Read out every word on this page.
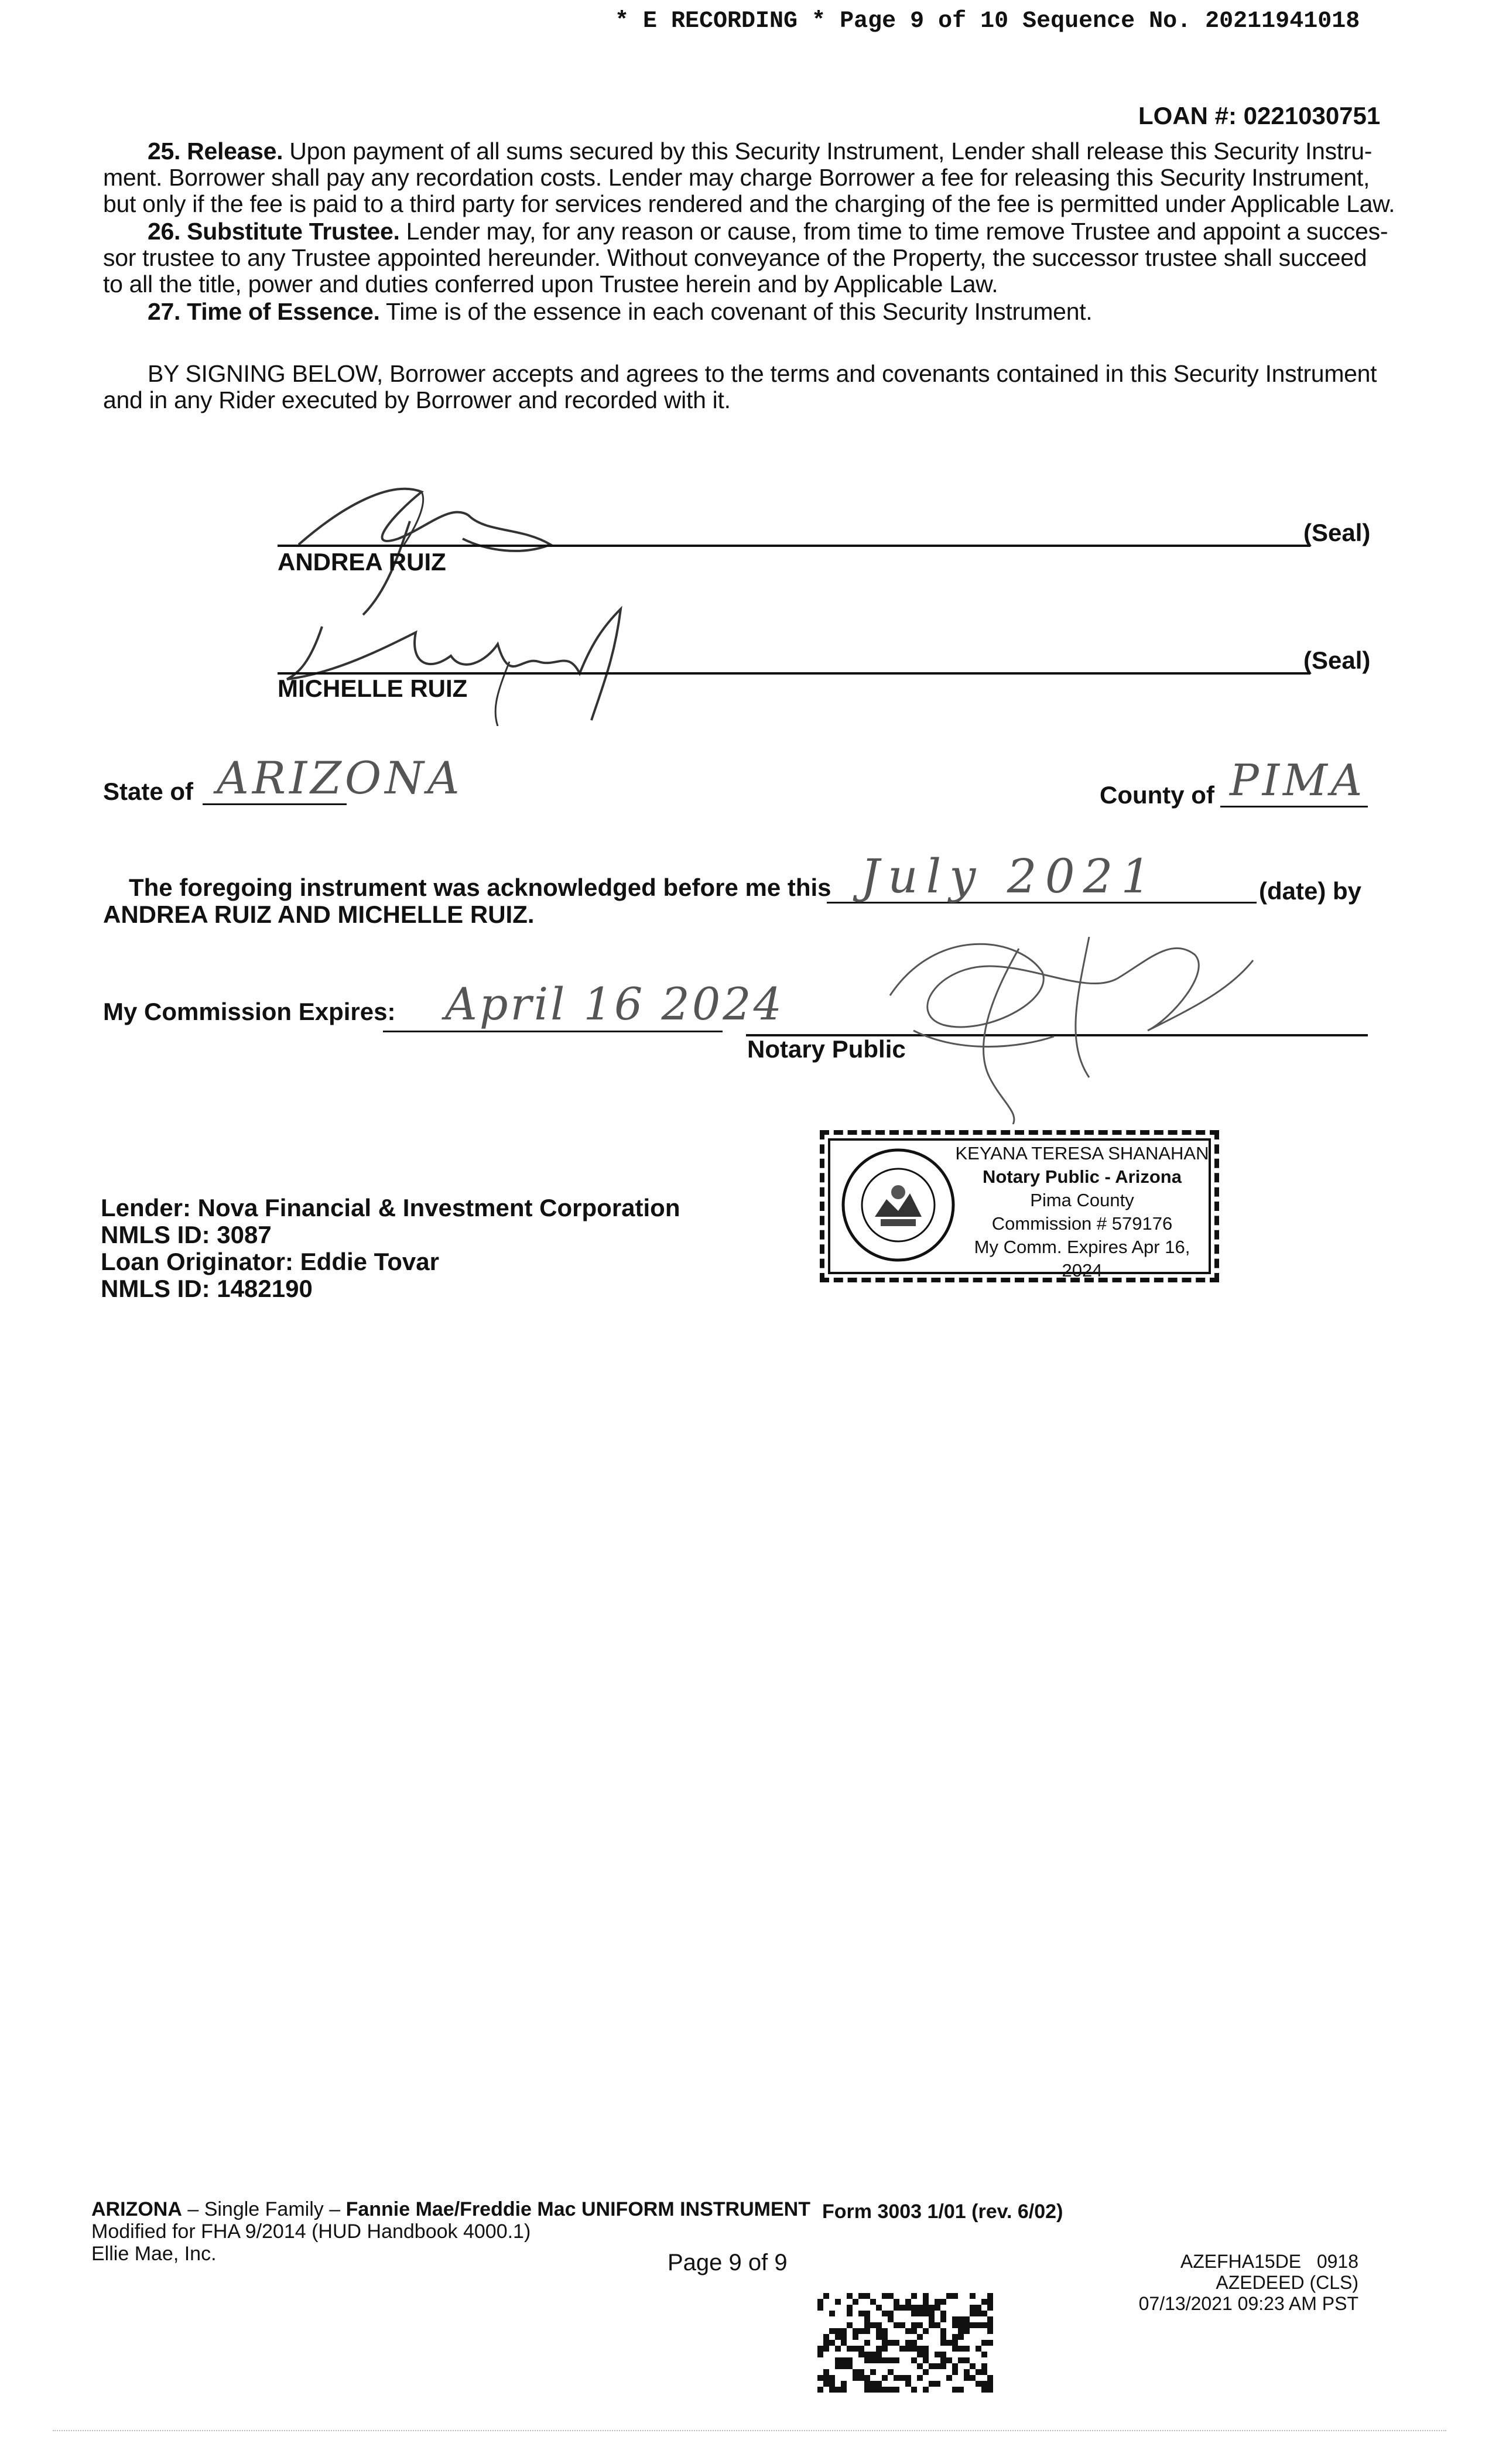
* E RECORDING * Page 9 of 10 Sequence No. 20211941018
LOAN #: 0221030751
25. Release. Upon payment of all sums secured by this Security Instrument, Lender shall release this Security Instru-
ment. Borrower shall pay any recordation costs. Lender may charge Borrower a fee for releasing this Security Instrument,
but only if the fee is paid to a third party for services rendered and the charging of the fee is permitted under Applicable Law.
26. Substitute Trustee. Lender may, for any reason or cause, from time to time remove Trustee and appoint a succes-
sor trustee to any Trustee appointed hereunder. Without conveyance of the Property, the successor trustee shall succeed
to all the title, power and duties conferred upon Trustee herein and by Applicable Law.
27. Time of Essence. Time is of the essence in each covenant of this Security Instrument.
BY SIGNING BELOW, Borrower accepts and agrees to the terms and covenants contained in this Security Instrument
and in any Rider executed by Borrower and recorded with it.
ANDREA RUIZ
(Seal)
MICHELLE RUIZ
(Seal)
State of ARIZONA	County of PIMA
The foregoing instrument was acknowledged before me this July 2021	(date) by
ANDREA RUIZ AND MICHELLE RUIZ.
My Commission Expires: April 16 2024
Notary Public
KEYANA TERESA SHANAHAN
Notary Public - Arizona
Pima County
Commission # 579176
My Comm. Expires Apr 16, 2024
Lender: Nova Financial & Investment Corporation
NMLS ID: 3087
Loan Originator: Eddie Tovar
NMLS ID: 1482190
ARIZONA – Single Family – Fannie Mae/Freddie Mac UNIFORM INSTRUMENT
Modified for FHA 9/2014 (HUD Handbook 4000.1)
Ellie Mae, Inc.
Form 3003 1/01 (rev. 6/02)
Page 9 of 9	AZEFHA15DE   0918
AZEDEED (CLS)
07/13/2021 09:23 AM PST
